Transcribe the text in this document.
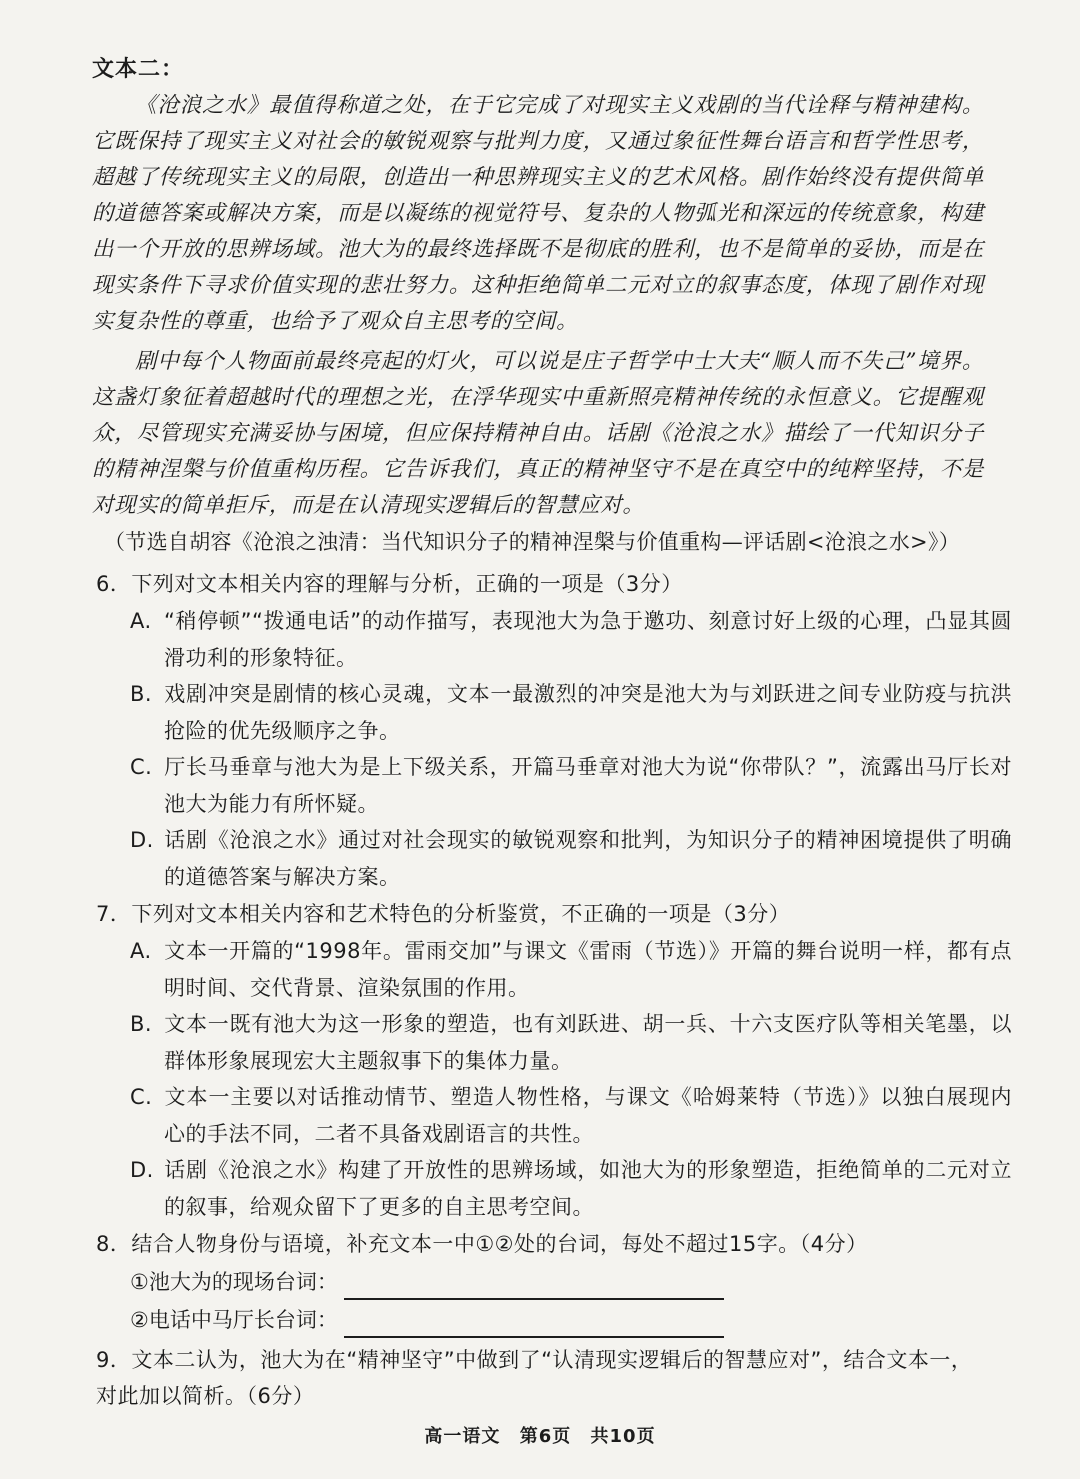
文本二：

《沧浪之水》最值得称道之处，在于它完成了对现实主义戏剧的当代诠释与精神建构。它既保持了现实主义对社会的敏锐观察与批判力度，又通过象征性舞台语言和哲学性思考，超越了传统现实主义的局限，创造出一种思辨现实主义的艺术风格。剧作始终没有提供简单的道德答案或解决方案，而是以凝练的视觉符号、复杂的人物弧光和深远的传统意象，构建出一个开放的思辨场域。池大为的最终选择既不是彻底的胜利，也不是简单的妥协，而是在现实条件下寻求价值实现的悲壮努力。这种拒绝简单二元对立的叙事态度，体现了剧作对现实复杂性的尊重，也给予了观众自主思考的空间。

剧中每个人物面前最终亮起的灯火，可以说是庄子哲学中士大夫“顺人而不失己”境界。这盏灯象征着超越时代的理想之光，在浮华现实中重新照亮精神传统的永恒意义。它提醒观众，尽管现实充满妥协与困境，但应保持精神自由。话剧《沧浪之水》描绘了一代知识分子的精神涅槃与价值重构历程。它告诉我们，真正的精神坚守不是在真空中的纯粹坚持，不是对现实的简单拒斥，而是在认清现实逻辑后的智慧应对。

（节选自胡容《沧浪之浊清：当代知识分子的精神涅槃与价值重构—评话剧<沧浪之水>》）
6．下列对文本相关内容的理解与分析，正确的一项是（3分）
A. “稍停顿”“拨通电话”的动作描写，表现池大为急于邀功、刻意讨好上级的心理，凸显其圆滑功利的形象特征。
B. 戏剧冲突是剧情的核心灵魂，文本一最激烈的冲突是池大为与刘跃进之间专业防疫与抗洪抢险的优先级顺序之争。
C. 厅长马垂章与池大为是上下级关系，开篇马垂章对池大为说“你带队？”，流露出马厅长对池大为能力有所怀疑。
D. 话剧《沧浪之水》通过对社会现实的敏锐观察和批判，为知识分子的精神困境提供了明确的道德答案与解决方案。
7．下列对文本相关内容和艺术特色的分析鉴赏，不正确的一项是（3分）
A. 文本一开篇的“1998年。雷雨交加”与课文《雷雨（节选）》开篇的舞台说明一样，都有点明时间、交代背景、渲染氛围的作用。
B. 文本一既有池大为这一形象的塑造，也有刘跃进、胡一兵、十六支医疗队等相关笔墨，以群体形象展现宏大主题叙事下的集体力量。
C. 文本一主要以对话推动情节、塑造人物性格，与课文《哈姆莱特（节选）》以独白展现内心的手法不同，二者不具备戏剧语言的共性。
D. 话剧《沧浪之水》构建了开放性的思辨场域，如池大为的形象塑造，拒绝简单的二元对立的叙事，给观众留下了更多的自主思考空间。
8．结合人物身份与语境，补充文本一中①②处的台词，每处不超过15字。（4分）
①池大为的现场台词：
②电话中马厅长台词：
9．文本二认为，池大为在“精神坚守”中做到了“认清现实逻辑后的智慧应对”，结合文本一，对此加以简析。（6分）
高一语文 第6页 共10页
